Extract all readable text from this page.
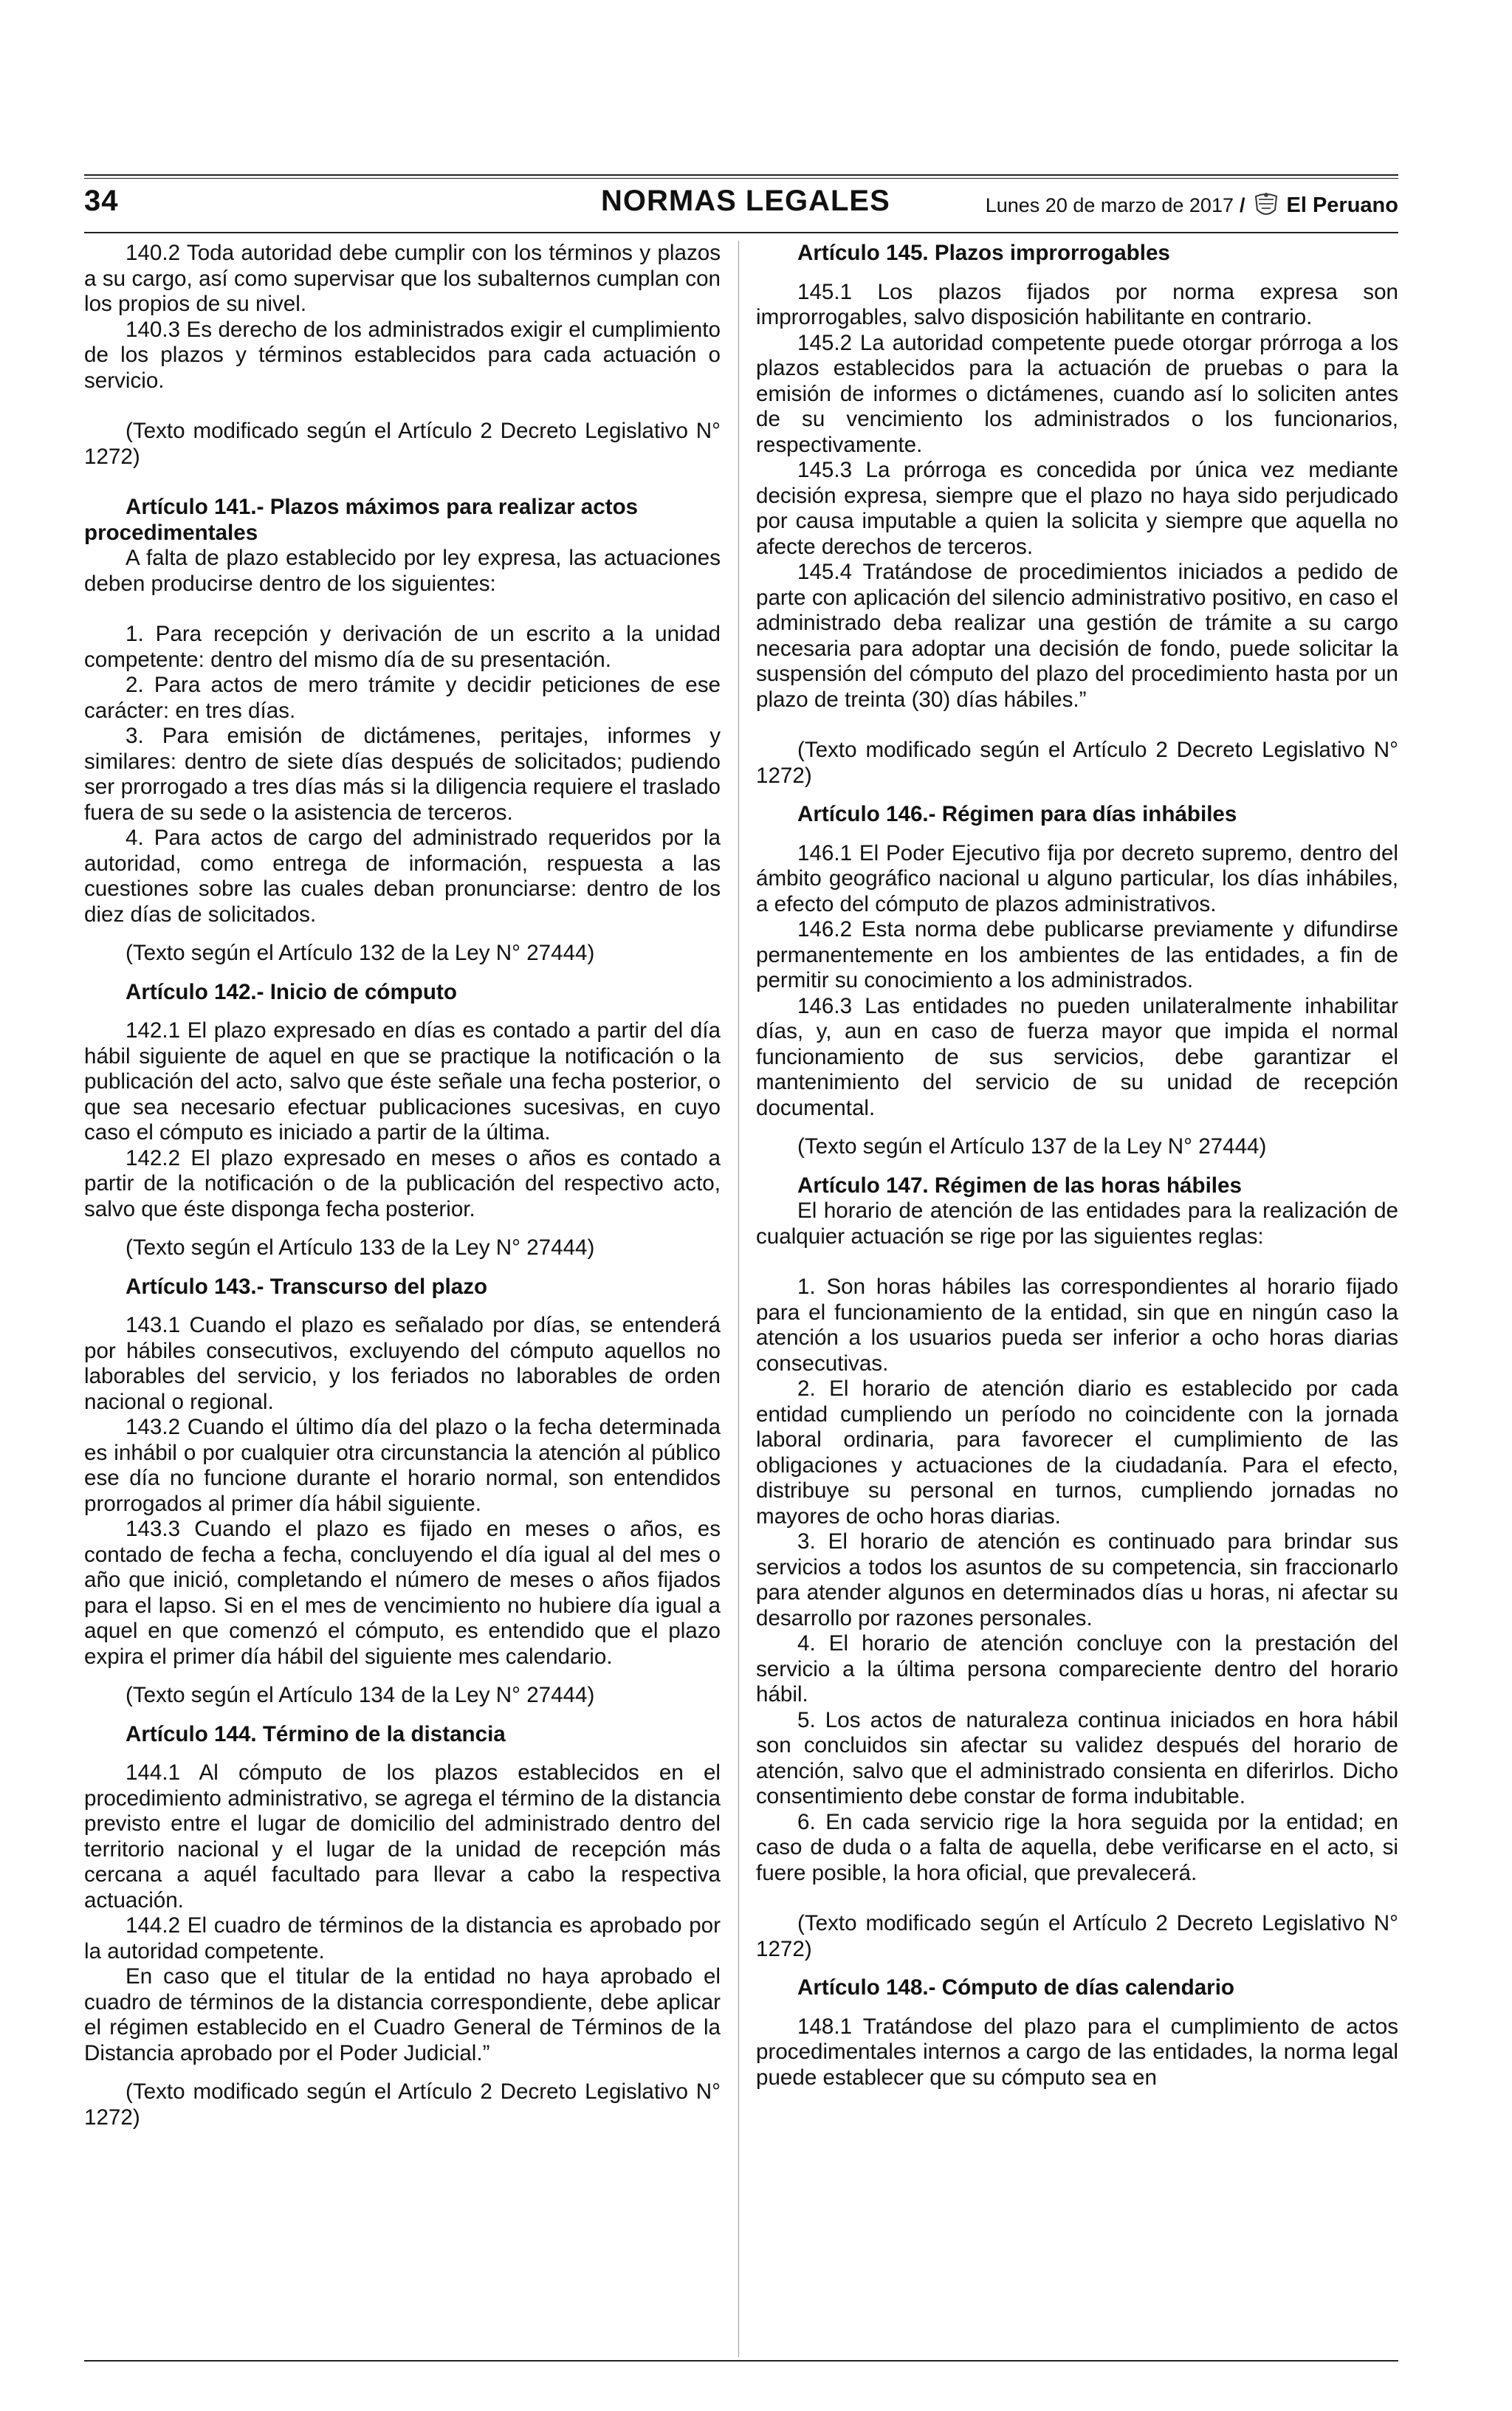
34	NORMAS LEGALES	Lunes 20 de marzo de 2017 / El Peruano

140.2 Toda autoridad debe cumplir con los términos y plazos a su cargo, así como supervisar que los subalternos cumplan con los propios de su nivel.

140.3 Es derecho de los administrados exigir el cumplimiento de los plazos y términos establecidos para cada actuación o servicio.

(Texto modificado según el Artículo 2 Decreto Legislativo N° 1272)

Artículo 141.- Plazos máximos para realizar actos procedimentales

A falta de plazo establecido por ley expresa, las actuaciones deben producirse dentro de los siguientes:

1. Para recepción y derivación de un escrito a la unidad competente: dentro del mismo día de su presentación.

2. Para actos de mero trámite y decidir peticiones de ese carácter: en tres días.

3. Para emisión de dictámenes, peritajes, informes y similares: dentro de siete días después de solicitados; pudiendo ser prorrogado a tres días más si la diligencia requiere el traslado fuera de su sede o la asistencia de terceros.

4. Para actos de cargo del administrado requeridos por la autoridad, como entrega de información, respuesta a las cuestiones sobre las cuales deban pronunciarse: dentro de los diez días de solicitados.

(Texto según el Artículo 132 de la Ley N° 27444)

Artículo 142.- Inicio de cómputo

142.1 El plazo expresado en días es contado a partir del día hábil siguiente de aquel en que se practique la notificación o la publicación del acto, salvo que éste señale una fecha posterior, o que sea necesario efectuar publicaciones sucesivas, en cuyo caso el cómputo es iniciado a partir de la última.

142.2 El plazo expresado en meses o años es contado a partir de la notificación o de la publicación del respectivo acto, salvo que éste disponga fecha posterior.

(Texto según el Artículo 133 de la Ley N° 27444)

Artículo 143.- Transcurso del plazo

143.1 Cuando el plazo es señalado por días, se entenderá por hábiles consecutivos, excluyendo del cómputo aquellos no laborables del servicio, y los feriados no laborables de orden nacional o regional.

143.2 Cuando el último día del plazo o la fecha determinada es inhábil o por cualquier otra circunstancia la atención al público ese día no funcione durante el horario normal, son entendidos prorrogados al primer día hábil siguiente.

143.3 Cuando el plazo es fijado en meses o años, es contado de fecha a fecha, concluyendo el día igual al del mes o año que inició, completando el número de meses o años fijados para el lapso. Si en el mes de vencimiento no hubiere día igual a aquel en que comenzó el cómputo, es entendido que el plazo expira el primer día hábil del siguiente mes calendario.

(Texto según el Artículo 134 de la Ley N° 27444)

Artículo 144. Término de la distancia

144.1 Al cómputo de los plazos establecidos en el procedimiento administrativo, se agrega el término de la distancia previsto entre el lugar de domicilio del administrado dentro del territorio nacional y el lugar de la unidad de recepción más cercana a aquél facultado para llevar a cabo la respectiva actuación.

144.2 El cuadro de términos de la distancia es aprobado por la autoridad competente.

En caso que el titular de la entidad no haya aprobado el cuadro de términos de la distancia correspondiente, debe aplicar el régimen establecido en el Cuadro General de Términos de la Distancia aprobado por el Poder Judicial.”

(Texto modificado según el Artículo 2 Decreto Legislativo N° 1272)

Artículo 145. Plazos improrrogables

145.1 Los plazos fijados por norma expresa son improrrogables, salvo disposición habilitante en contrario.

145.2 La autoridad competente puede otorgar prórroga a los plazos establecidos para la actuación de pruebas o para la emisión de informes o dictámenes, cuando así lo soliciten antes de su vencimiento los administrados o los funcionarios, respectivamente.

145.3 La prórroga es concedida por única vez mediante decisión expresa, siempre que el plazo no haya sido perjudicado por causa imputable a quien la solicita y siempre que aquella no afecte derechos de terceros.

145.4 Tratándose de procedimientos iniciados a pedido de parte con aplicación del silencio administrativo positivo, en caso el administrado deba realizar una gestión de trámite a su cargo necesaria para adoptar una decisión de fondo, puede solicitar la suspensión del cómputo del plazo del procedimiento hasta por un plazo de treinta (30) días hábiles.”

(Texto modificado según el Artículo 2 Decreto Legislativo N° 1272)

Artículo 146.- Régimen para días inhábiles

146.1 El Poder Ejecutivo fija por decreto supremo, dentro del ámbito geográfico nacional u alguno particular, los días inhábiles, a efecto del cómputo de plazos administrativos.

146.2 Esta norma debe publicarse previamente y difundirse permanentemente en los ambientes de las entidades, a fin de permitir su conocimiento a los administrados.

146.3 Las entidades no pueden unilateralmente inhabilitar días, y, aun en caso de fuerza mayor que impida el normal funcionamiento de sus servicios, debe garantizar el mantenimiento del servicio de su unidad de recepción documental.

(Texto según el Artículo 137 de la Ley N° 27444)

Artículo 147. Régimen de las horas hábiles

El horario de atención de las entidades para la realización de cualquier actuación se rige por las siguientes reglas:

1. Son horas hábiles las correspondientes al horario fijado para el funcionamiento de la entidad, sin que en ningún caso la atención a los usuarios pueda ser inferior a ocho horas diarias consecutivas.

2. El horario de atención diario es establecido por cada entidad cumpliendo un período no coincidente con la jornada laboral ordinaria, para favorecer el cumplimiento de las obligaciones y actuaciones de la ciudadanía. Para el efecto, distribuye su personal en turnos, cumpliendo jornadas no mayores de ocho horas diarias.

3. El horario de atención es continuado para brindar sus servicios a todos los asuntos de su competencia, sin fraccionarlo para atender algunos en determinados días u horas, ni afectar su desarrollo por razones personales.

4. El horario de atención concluye con la prestación del servicio a la última persona compareciente dentro del horario hábil.

5. Los actos de naturaleza continua iniciados en hora hábil son concluidos sin afectar su validez después del horario de atención, salvo que el administrado consienta en diferirlos. Dicho consentimiento debe constar de forma indubitable.

6. En cada servicio rige la hora seguida por la entidad; en caso de duda o a falta de aquella, debe verificarse en el acto, si fuere posible, la hora oficial, que prevalecerá.

(Texto modificado según el Artículo 2 Decreto Legislativo N° 1272)

Artículo 148.- Cómputo de días calendario

148.1 Tratándose del plazo para el cumplimiento de actos procedimentales internos a cargo de las entidades, la norma legal puede establecer que su cómputo sea en
